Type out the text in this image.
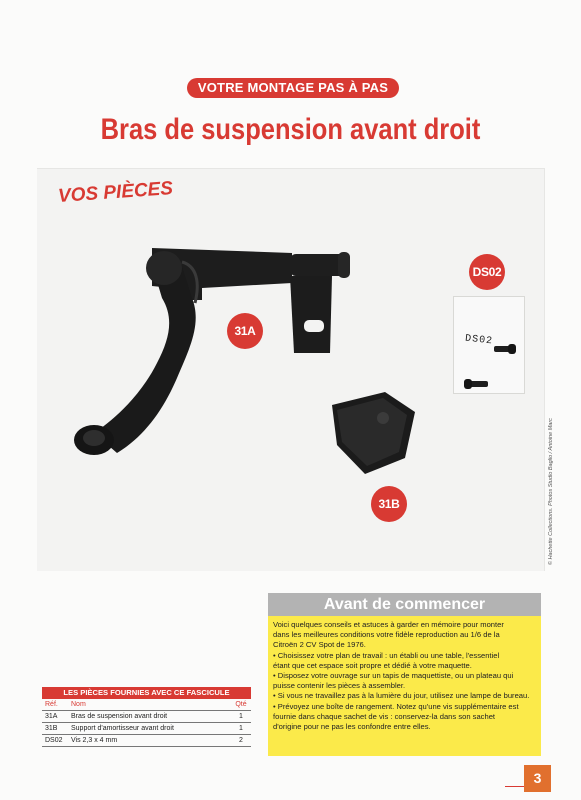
VOTRE MONTAGE PAS À PAS
Bras de suspension avant droit
VOS PIÈCES
31A
31B
DS02
DS02
© Hachette Collections. Photos Studio Baglio / Antoine Marc
Avant de commencer
Voici quelques conseils et astuces à garder en mémoire pour monter
dans les meilleures conditions votre fidèle reproduction au 1/6 de la
Citroën 2 CV Spot de 1976.
• Choisissez votre plan de travail : un établi ou une table, l'essentiel
étant que cet espace soit propre et dédié à votre maquette.
• Disposez votre ouvrage sur un tapis de maquettiste, ou un plateau qui
puisse contenir les pièces à assembler.
• Si vous ne travaillez pas à la lumière du jour, utilisez une lampe de bureau.
• Prévoyez une boîte de rangement. Notez qu'une vis supplémentaire est
fournie dans chaque sachet de vis : conservez-la dans son sachet
d'origine pour ne pas les confondre entre elles.
LES PIÈCES FOURNIES AVEC CE FASCICULE
Réf.	Nom	Qté
31A	Bras de suspension avant droit	1
31B	Support d'amortisseur avant droit	1
DS02	Vis 2,3 x 4 mm	2
3
